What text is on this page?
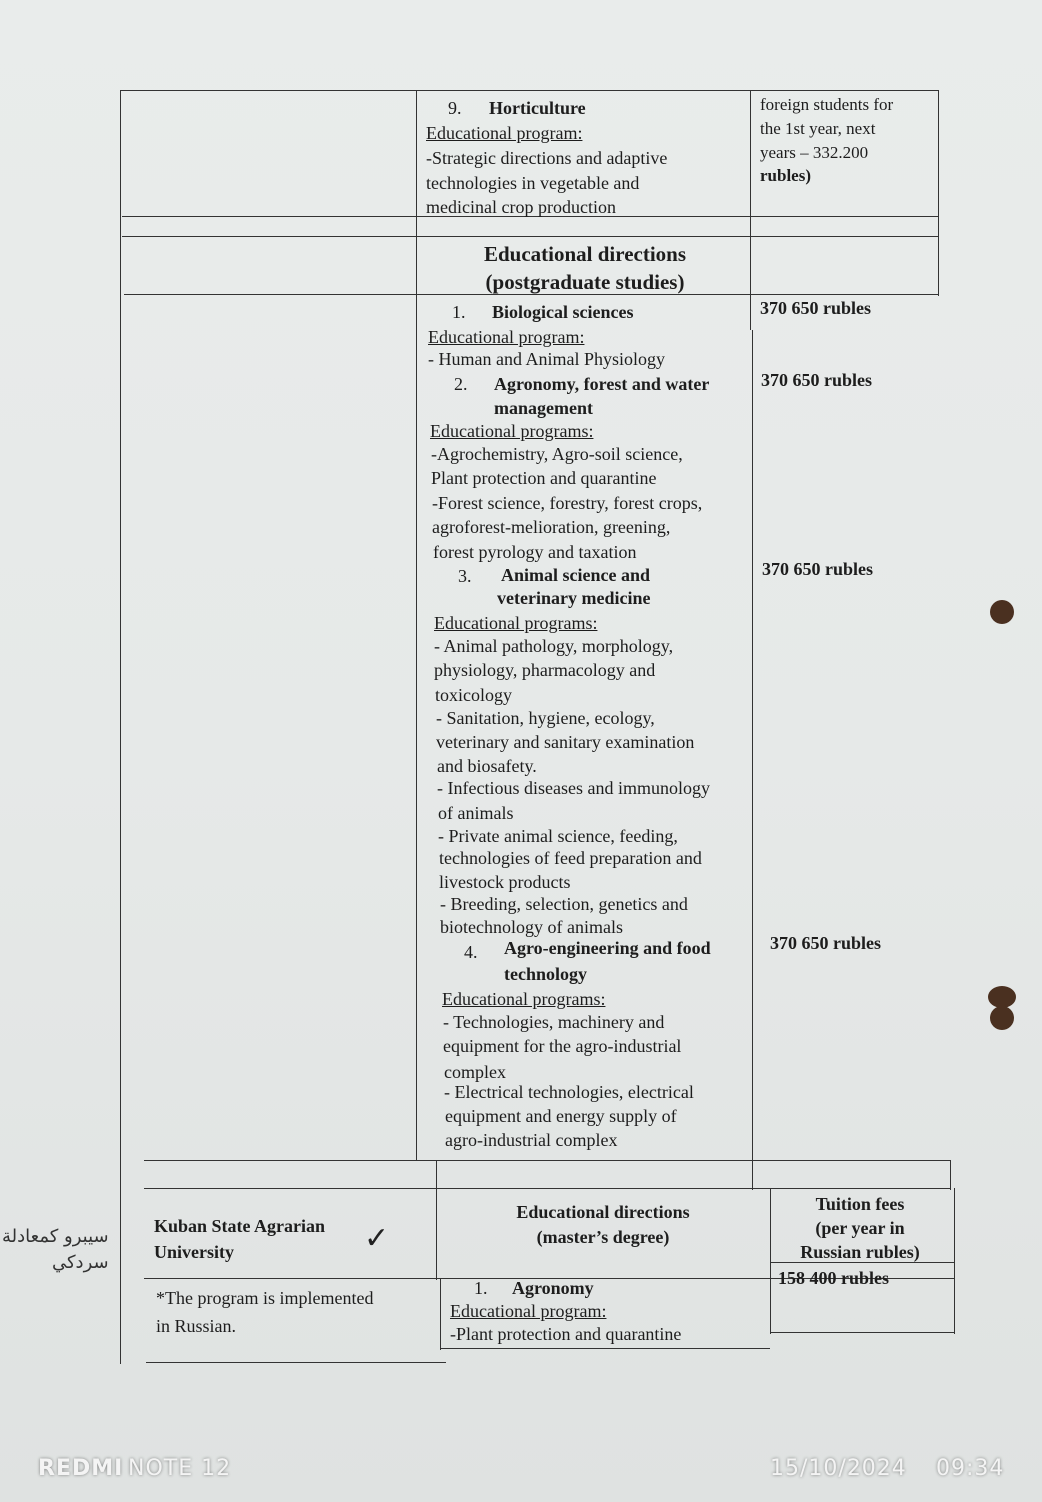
9. Horticulture
Educational program:
-Strategic directions and adaptive
technologies in vegetable and
medicinal crop production
foreign students for
the 1st year, next
years – 332.200
rubles)
Educational directions
(postgraduate studies)
1. Biological sciences
Educational program:
- Human and Animal Physiology
370 650 rubles
2. Agronomy, forest and water
management
Educational programs:
-Agrochemistry, Agro-soil science,
Plant protection and quarantine
-Forest science, forestry, forest crops,
agroforest-melioration, greening,
forest pyrology and taxation
370 650 rubles
3. Animal science and
veterinary medicine
Educational programs:
- Animal pathology, morphology,
physiology, pharmacology and
toxicology
- Sanitation, hygiene, ecology,
veterinary and sanitary examination
and biosafety.
- Infectious diseases and immunology
of animals
- Private animal science, feeding,
technologies of feed preparation and
livestock products
- Breeding, selection, genetics and
biotechnology of animals
370 650 rubles
4. Agro-engineering and food
technology
Educational programs:
- Technologies, machinery and
equipment for the agro-industrial
complex
- Electrical technologies, electrical
equipment and energy supply of
agro-industrial complex
370 650 rubles
Kuban State Agrarian
University	✓
Educational directions
(master’s degree)
Tuition fees
(per year in
Russian rubles)
*The program is implemented
in Russian.
1. Agronomy
Educational program:
-Plant protection and quarantine
158 400 rubles
سيبرو كمعادلة
سردكي
REDMI NOTE 12	15/10/2024 09:34
